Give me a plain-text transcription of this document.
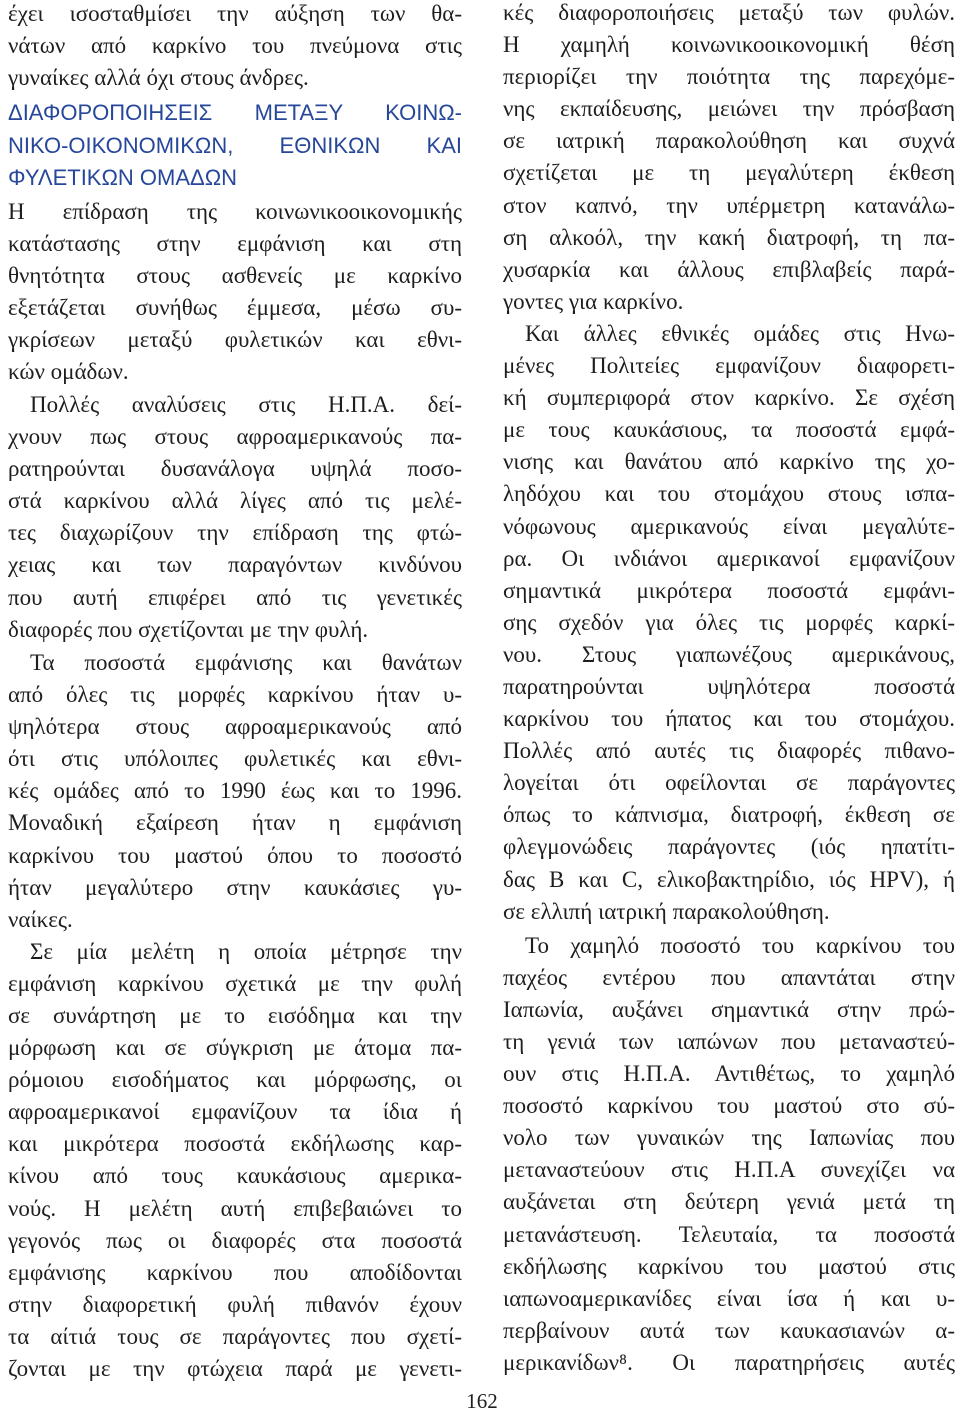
έχει ισοσταθμίσει την αύξηση των θα-
νάτων από καρκίνο του πνεύμονα στις
γυναίκες αλλά όχι στους άνδρες.
ΔΙΑΦΟΡΟΠΟΙΗΣΕΙΣ ΜΕΤΑΞΥ ΚΟΙΝΩ-
ΝΙΚΟ-ΟΙΚΟΝΟΜΙΚΩΝ, ΕΘΝΙΚΩΝ ΚΑΙ
ΦΥΛΕΤΙΚΩΝ ΟΜΑΔΩΝ
Η επίδραση της κοινωνικοοικονομικής
κατάστασης στην εμφάνιση και στη
θνητότητα στους ασθενείς με καρκίνο
εξετάζεται συνήθως έμμεσα, μέσω συ-
γκρίσεων μεταξύ φυλετικών και εθνι-
κών ομάδων.
Πολλές αναλύσεις στις Η.Π.Α. δεί-
χνουν πως στους αφροαμερικανούς πα-
ρατηρούνται δυσανάλογα υψηλά ποσο-
στά καρκίνου αλλά λίγες από τις μελέ-
τες διαχωρίζουν την επίδραση της φτώ-
χειας και των παραγόντων κινδύνου
που αυτή επιφέρει από τις γενετικές
διαφορές που σχετίζονται με την φυλή.
Τα ποσοστά εμφάνισης και θανάτων
από όλες τις μορφές καρκίνου ήταν υ-
ψηλότερα στους αφροαμερικανούς από
ότι στις υπόλοιπες φυλετικές και εθνι-
κές ομάδες από το 1990 έως και το 1996.
Μοναδική εξαίρεση ήταν η εμφάνιση
καρκίνου του μαστού όπου το ποσοστό
ήταν μεγαλύτερο στην καυκάσιες γυ-
ναίκες.
Σε μία μελέτη η οποία μέτρησε την
εμφάνιση καρκίνου σχετικά με την φυλή
σε συνάρτηση με το εισόδημα και την
μόρφωση και σε σύγκριση με άτομα πα-
ρόμοιου εισοδήματος και μόρφωσης, οι
αφροαμερικανοί εμφανίζουν τα ίδια ή
και μικρότερα ποσοστά εκδήλωσης καρ-
κίνου από τους καυκάσιους αμερικα-
νούς. Η μελέτη αυτή επιβεβαιώνει το
γεγονός πως οι διαφορές στα ποσοστά
εμφάνισης καρκίνου που αποδίδονται
στην διαφορετική φυλή πιθανόν έχουν
τα αίτιά τους σε παράγοντες που σχετί-
ζονται με την φτώχεια παρά με γενετι-
κές διαφοροποιήσεις μεταξύ των φυλών.
Η χαμηλή κοινωνικοοικονομική θέση
περιορίζει την ποιότητα της παρεχόμε-
νης εκπαίδευσης, μειώνει την πρόσβαση
σε ιατρική παρακολούθηση και συχνά
σχετίζεται με τη μεγαλύτερη έκθεση
στον καπνό, την υπέρμετρη κατανάλω-
ση αλκοόλ, την κακή διατροφή, τη πα-
χυσαρκία και άλλους επιβλαβείς παρά-
γοντες για καρκίνο.
Και άλλες εθνικές ομάδες στις Ηνω-
μένες Πολιτείες εμφανίζουν διαφορετι-
κή συμπεριφορά στον καρκίνο. Σε σχέση
με τους καυκάσιους, τα ποσοστά εμφά-
νισης και θανάτου από καρκίνο της χο-
ληδόχου και του στομάχου στους ισπα-
νόφωνους αμερικανούς είναι μεγαλύτε-
ρα. Οι ινδιάνοι αμερικανοί εμφανίζουν
σημαντικά μικρότερα ποσοστά εμφάνι-
σης σχεδόν για όλες τις μορφές καρκί-
νου. Στους γιαπωνέζους αμερικάνους,
παρατηρούνται υψηλότερα ποσοστά
καρκίνου του ήπατος και του στομάχου.
Πολλές από αυτές τις διαφορές πιθανο-
λογείται ότι οφείλονται σε παράγοντες
όπως το κάπνισμα, διατροφή, έκθεση σε
φλεγμονώδεις παράγοντες (ιός ηπατίτι-
δας Β και C, ελικοβακτηρίδιο, ιός HPV), ή
σε ελλιπή ιατρική παρακολούθηση.
Το χαμηλό ποσοστό του καρκίνου του
παχέος εντέρου που απαντάται στην
Ιαπωνία, αυξάνει σημαντικά στην πρώ-
τη γενιά των ιαπώνων που μεταναστεύ-
ουν στις Η.Π.Α. Αντιθέτως, το χαμηλό
ποσοστό καρκίνου του μαστού στο σύ-
νολο των γυναικών της Ιαπωνίας που
μεταναστεύουν στις Η.Π.Α συνεχίζει να
αυξάνεται στη δεύτερη γενιά μετά τη
μετανάστευση. Τελευταία, τα ποσοστά
εκδήλωσης καρκίνου του μαστού στις
ιαπωνοαμερικανίδες είναι ίσα ή και υ-
περβαίνουν αυτά των καυκασιανών α-
μερικανίδων⁸. Οι παρατηρήσεις αυτές
162
